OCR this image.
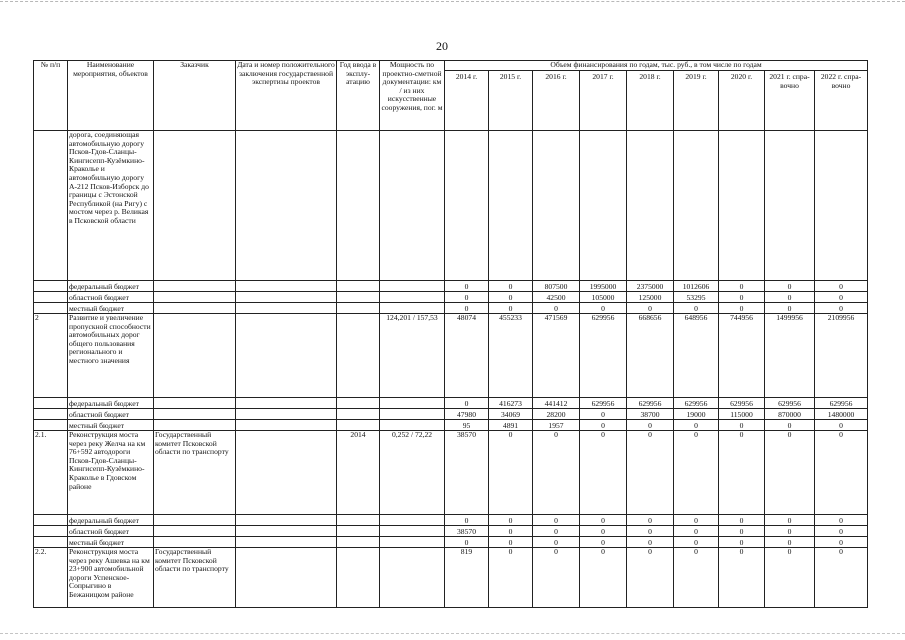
20
№ п/п	Наименование мероприятия, объектов	Заказчик	Дата и номер положительного заключения государственной экспертизы проектов	Год ввода в эксплу-атацию	Мощность по проектно-сметной документации: км / из них искусственные сооружения, пог. м	Объем финансирования по годам, тыс. руб., в том числе по годам								
						2014 г.	2015 г.	2016 г.	2017 г.	2018 г.	2019 г.	2020 г.	2021 г. спра-вочно	2022 г. спра-вочно
	дорога, соединяющая автомобильную дорогу Псков-Гдов-Сланцы-Кингисепп-Кузёмкино-Краколье и автомобильную дорогу А-212 Псков-Изборск до границы с Эстонской Республикой (на Ригу) с мостом через р. Великая в Псковской области													
	федеральный бюджет					0	0	807500	1995000	2375000	1012606	0	0	0
	областной бюджет					0	0	42500	105000	125000	53295	0	0	0
	местный бюджет					0	0	0	0	0	0	0	0	0
2	Развитие и увеличение пропускной способности автомобильных дорог общего пользования регионального и местного значения				124,201 / 157,53	48074	455233	471569	629956	668656	648956	744956	1499956	2109956
	федеральный бюджет					0	416273	441412	629956	629956	629956	629956	629956	629956
	областной бюджет					47980	34069	28200	0	38700	19000	115000	870000	1480000
	местный бюджет					95	4891	1957	0	0	0	0	0	0
2.1.	Реконструкция моста через реку Желча на км 76+592 автодороги Псков-Гдов-Сланцы-Кингисепп-Кузёмкино-Краколье в Гдовском районе	Государственный комитет Псковской области по транспорту		2014	0,252 / 72,22	38570	0	0	0	0	0	0	0	0
	федеральный бюджет					0	0	0	0	0	0	0	0	0
	областной бюджет					38570	0	0	0	0	0	0	0	0
	местный бюджет					0	0	0	0	0	0	0	0	0
2.2.	Реконструкция моста через реку Ашевка на км 23+900 автомобильной дороги Успенское-Сопрыгино в Бежаницком районе	Государственный комитет Псковской области по транспорту				819	0	0	0	0	0	0	0	0
